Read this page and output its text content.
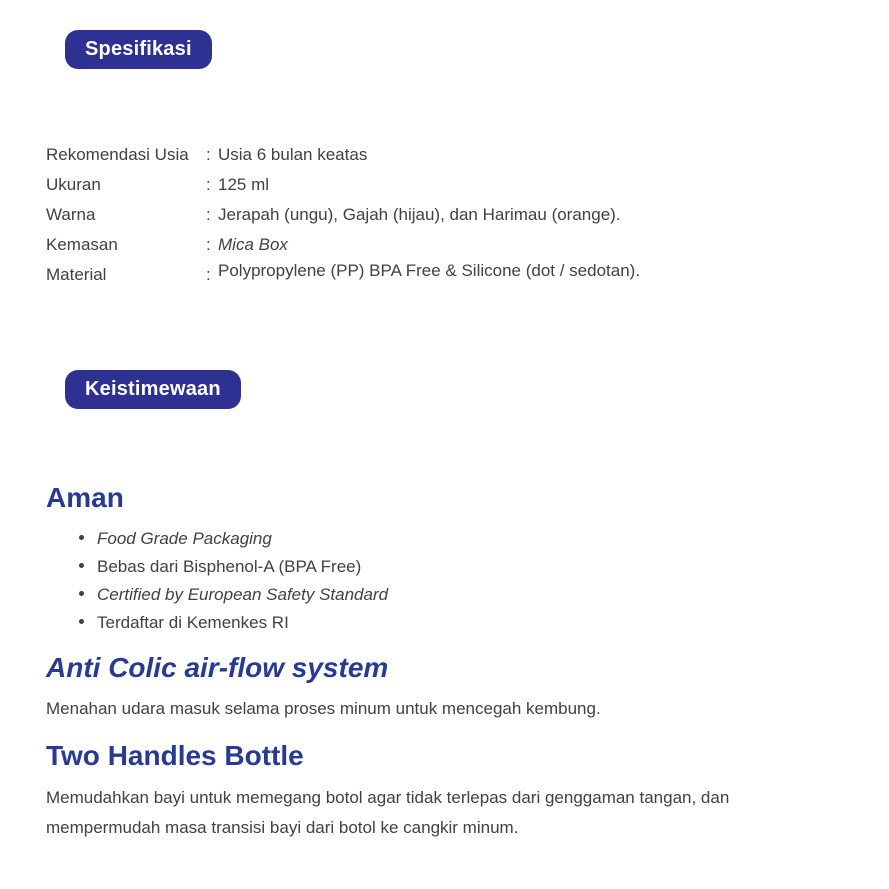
Spesifikasi
Rekomendasi Usia	: Usia 6 bulan keatas
Ukuran	: 125 ml
Warna	: Jerapah (ungu), Gajah (hijau), dan Harimau (orange).
Kemasan	: Mica Box
Material	: Polypropylene (PP) BPA Free & Silicone (dot / sedotan).
Keistimewaan
Aman
Food Grade Packaging
Bebas dari Bisphenol-A (BPA Free)
Certified by European Safety Standard
Terdaftar di Kemenkes RI
Anti Colic air-flow system

Menahan udara masuk selama proses minum untuk mencegah kembung.

Two Handles Bottle

Memudahkan bayi untuk memegang botol agar tidak terlepas dari genggaman tangan, dan mempermudah masa transisi bayi dari botol ke cangkir minum.
